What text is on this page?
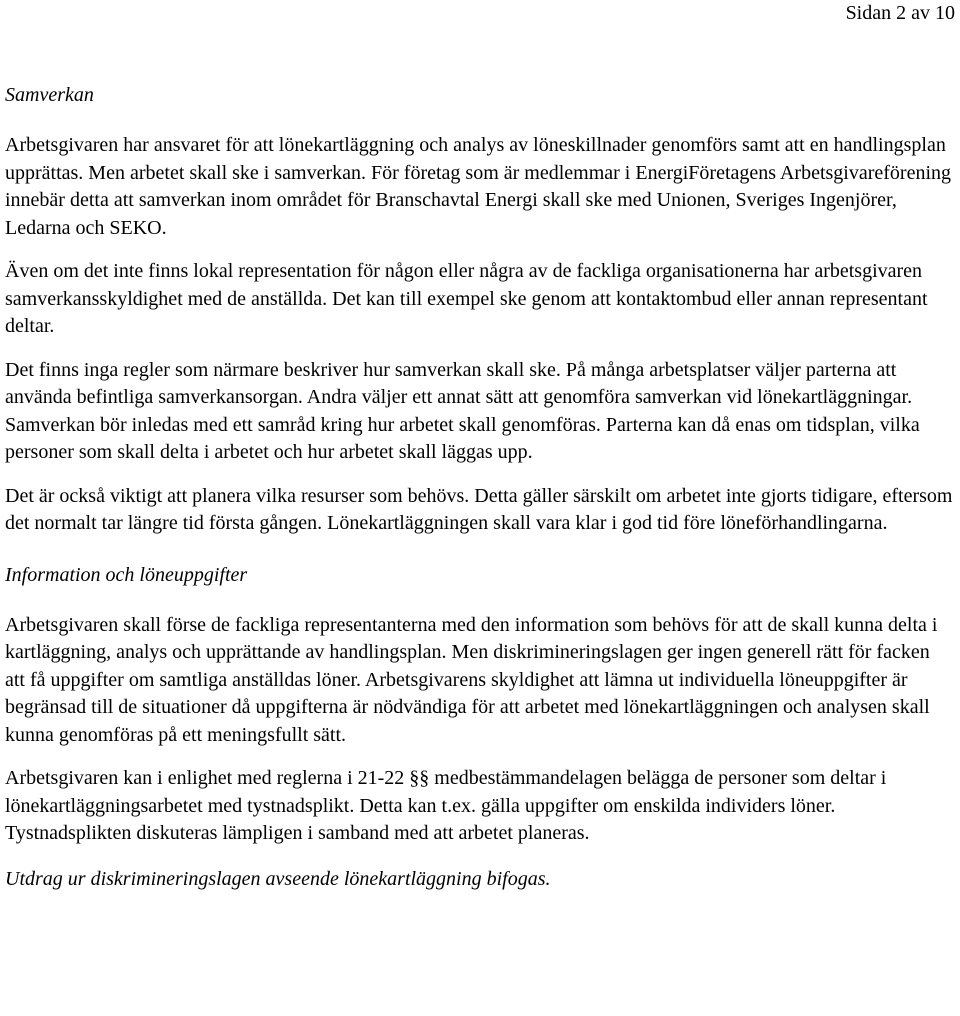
Sidan 2 av 10

Samverkan

Arbetsgivaren har ansvaret för att lönekartläggning och analys av löneskillnader genomförs samt att en handlingsplan upprättas. Men arbetet skall ske i samverkan. För företag som är medlemmar i EnergiFöretagens Arbetsgivareförening innebär detta att samverkan inom området för Branschavtal Energi skall ske med Unionen, Sveriges Ingenjörer, Ledarna och SEKO.

Även om det inte finns lokal representation för någon eller några av de fackliga organisationerna har arbetsgivaren samverkansskyldighet med de anställda. Det kan till exempel ske genom att kontaktombud eller annan representant deltar.

Det finns inga regler som närmare beskriver hur samverkan skall ske. På många arbetsplatser väljer parterna att använda befintliga samverkansorgan. Andra väljer ett annat sätt att genomföra samverkan vid lönekartläggningar. Samverkan bör inledas med ett samråd kring hur arbetet skall genomföras. Parterna kan då enas om tidsplan, vilka personer som skall delta i arbetet och hur arbetet skall läggas upp.

Det är också viktigt att planera vilka resurser som behövs. Detta gäller särskilt om arbetet inte gjorts tidigare, eftersom det normalt tar längre tid första gången. Lönekartläggningen skall vara klar i god tid före löneförhandlingarna.

Information och löneuppgifter

Arbetsgivaren skall förse de fackliga representanterna med den information som behövs för att de skall kunna delta i kartläggning, analys och upprättande av handlingsplan. Men diskrimineringslagen ger ingen generell rätt för facken att få uppgifter om samtliga anställdas löner. Arbetsgivarens skyldighet att lämna ut individuella löneuppgifter är begränsad till de situationer då uppgifterna är nödvändiga för att arbetet med lönekartläggningen och analysen skall kunna genomföras på ett meningsfullt sätt.

Arbetsgivaren kan i enlighet med reglerna i 21-22 §§ medbestämmandelagen belägga de personer som deltar i lönekartläggningsarbetet med tystnadsplikt. Detta kan t.ex. gälla uppgifter om enskilda individers löner. Tystnadsplikten diskuteras lämpligen i samband med att arbetet planeras.

Utdrag ur diskrimineringslagen avseende lönekartläggning bifogas.
